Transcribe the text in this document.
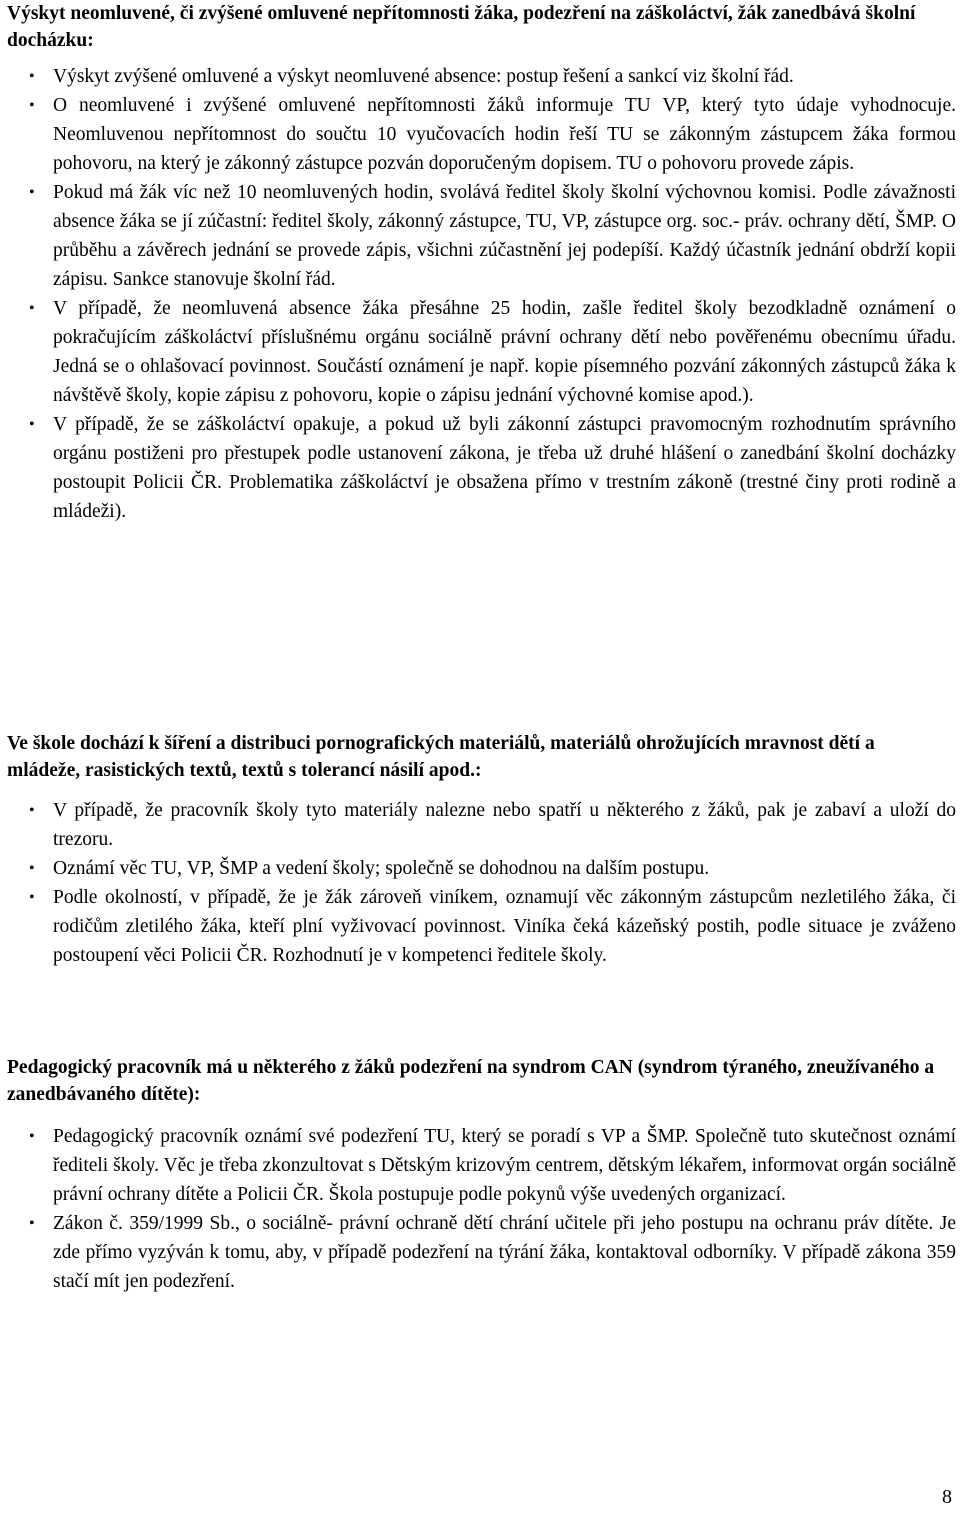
Výskyt neomluvené, či zvýšené omluvené nepřítomnosti žáka, podezření na záškoláctví, žák zanedbává školní docházku:
• Výskyt zvýšené omluvené a výskyt neomluvené absence: postup řešení a sankcí viz školní řád.
• O neomluvené i zvýšené omluvené nepřítomnosti žáků informuje TU VP, který tyto údaje vyhodnocuje. Neomluvenou nepřítomnost do součtu 10 vyučovacích hodin řeší TU se zákonným zástupcem žáka formou pohovoru, na který je zákonný zástupce pozván doporučeným dopisem. TU o pohovoru provede zápis.
• Pokud má žák víc než 10 neomluvených hodin, svolává ředitel školy školní výchovnou komisi. Podle závažnosti absence žáka se jí zúčastní: ředitel školy, zákonný zástupce, TU, VP, zástupce org. soc.- práv. ochrany dětí, ŠMP. O průběhu a závěrech jednání se provede zápis, všichni zúčastnění jej podepíší. Každý účastník jednání obdrží kopii zápisu. Sankce stanovuje školní řád.
• V případě, že neomluvená absence žáka přesáhne 25 hodin, zašle ředitel školy bezodkladně oznámení o pokračujícím záškoláctví příslušnému orgánu sociálně právní ochrany dětí nebo pověřenému obecnímu úřadu. Jedná se o ohlašovací povinnost. Součástí oznámení je např. kopie písemného pozvání zákonných zástupců žáka k návštěvě školy, kopie zápisu z pohovoru, kopie o zápisu jednání výchovné komise apod.).
• V případě, že se záškoláctví opakuje, a pokud už byli zákonní zástupci pravomocným rozhodnutím správního orgánu postiženi pro přestupek podle ustanovení zákona, je třeba už druhé hlášení o zanedbání školní docházky postoupit Policii ČR. Problematika záškoláctví je obsažena přímo v trestním zákoně (trestné činy proti rodině a mládeži).
Ve škole dochází k šíření a distribuci pornografických materiálů, materiálů ohrožujících mravnost dětí a mládeže, rasistických textů, textů s tolerancí násilí apod.:
• V případě, že pracovník školy tyto materiály nalezne nebo spatří u některého z žáků, pak je zabaví a uloží do trezoru.
• Oznámí věc TU, VP, ŠMP a vedení školy; společně se dohodnou na dalším postupu.
• Podle okolností, v případě, že je žák zároveň viníkem, oznamují věc zákonným zástupcům nezletilého žáka, či rodičům zletilého žáka, kteří plní vyživovací povinnost. Viníka čeká kázeňský postih, podle situace je zváženo postoupení věci Policii ČR. Rozhodnutí je v kompetenci ředitele školy.
Pedagogický pracovník má u některého z žáků podezření na syndrom CAN (syndrom týraného, zneužívaného a zanedbávaného dítěte):
• Pedagogický pracovník oznámí své podezření TU, který se poradí s VP a ŠMP. Společně tuto skutečnost oznámí řediteli školy. Věc je třeba zkonzultovat s Dětským krizovým centrem, dětským lékařem, informovat orgán sociálně právní ochrany dítěte a Policii ČR. Škola postupuje podle pokynů výše uvedených organizací.
• Zákon č. 359/1999 Sb., o sociálně- právní ochraně dětí chrání učitele při jeho postupu na ochranu práv dítěte. Je zde přímo vyzýván k tomu, aby, v případě podezření na týrání žáka, kontaktoval odborníky. V případě zákona 359 stačí mít jen podezření.
8
